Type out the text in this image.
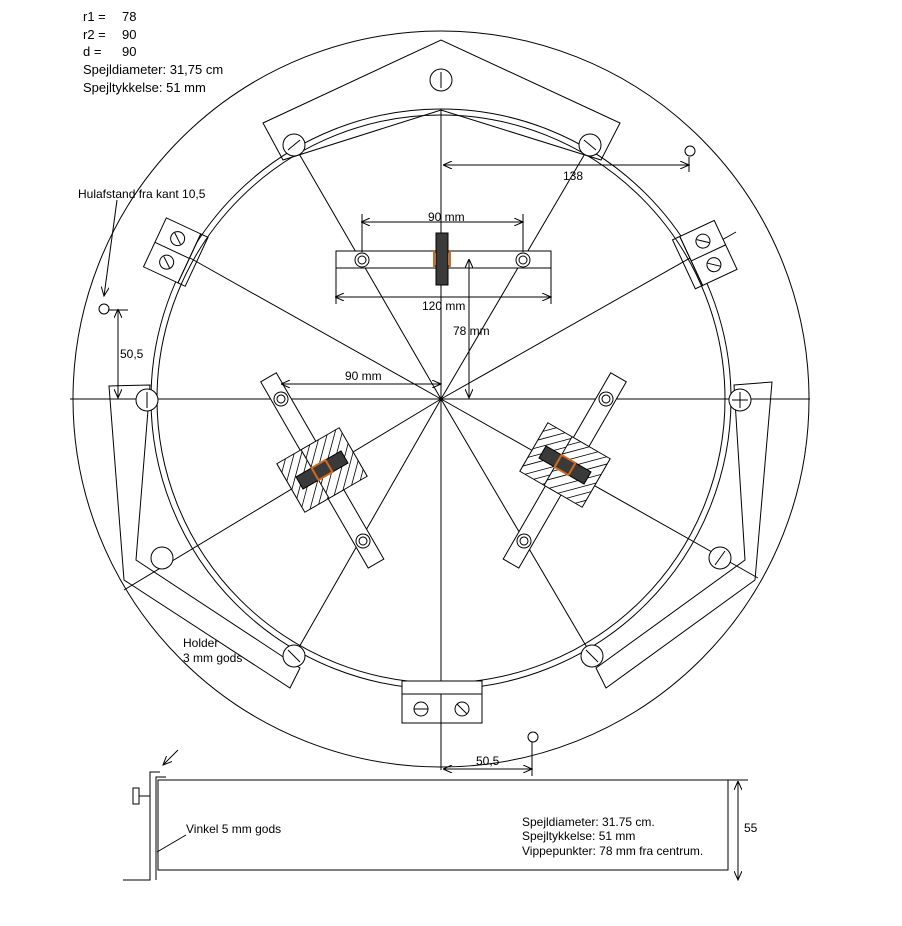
r1 = 78
r2 = 90
d = 90
Spejldiameter: 31,75 cm
Spejltykkelse: 51 mm
Hulafstand fra kant 10,5
138
90 mm
120 mm
78 mm
90 mm
50,5
50,5
Holder
3 mm gods
Vinkel 5 mm gods	55
Spejldiameter: 31.75 cm.
Spejltykkelse: 51 mm
Vippepunkter: 78 mm fra centrum.
